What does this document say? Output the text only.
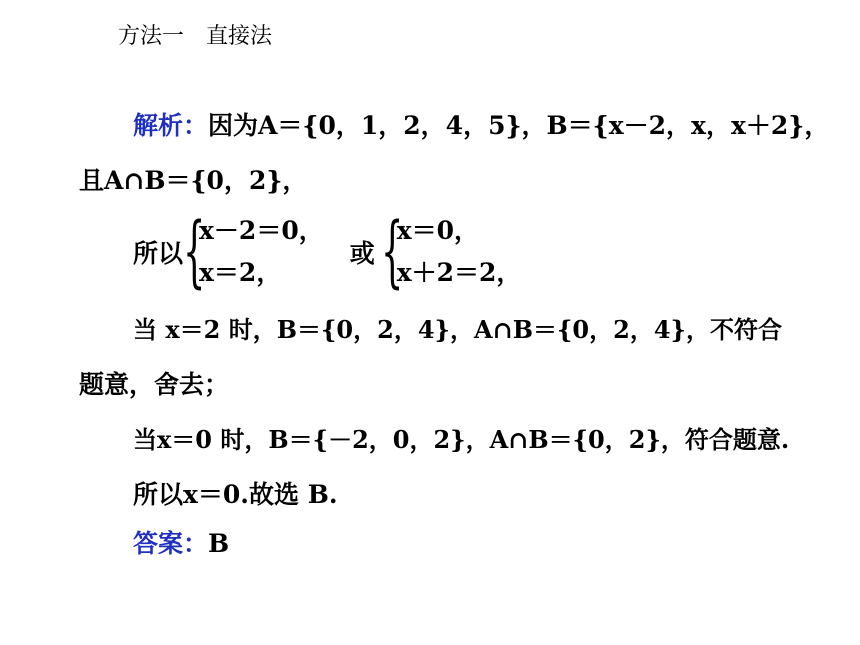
方法一 直接法
解析：因为A＝{0，1，2，4，5}，B＝{x－2，x，x＋2}，
且A∩B＝{0，2}，
所以 {
x－2＝0，
x＝2，
或 {
x＝0，
x＋2＝2，
当 x＝2 时，B＝{0，2，4}，A∩B＝{0，2，4}，不符合
题意，舍去；
当x＝0 时，B＝{－2，0，2}，A∩B＝{0，2}，符合题意.
所以x＝0.故选 B.
答案：B
